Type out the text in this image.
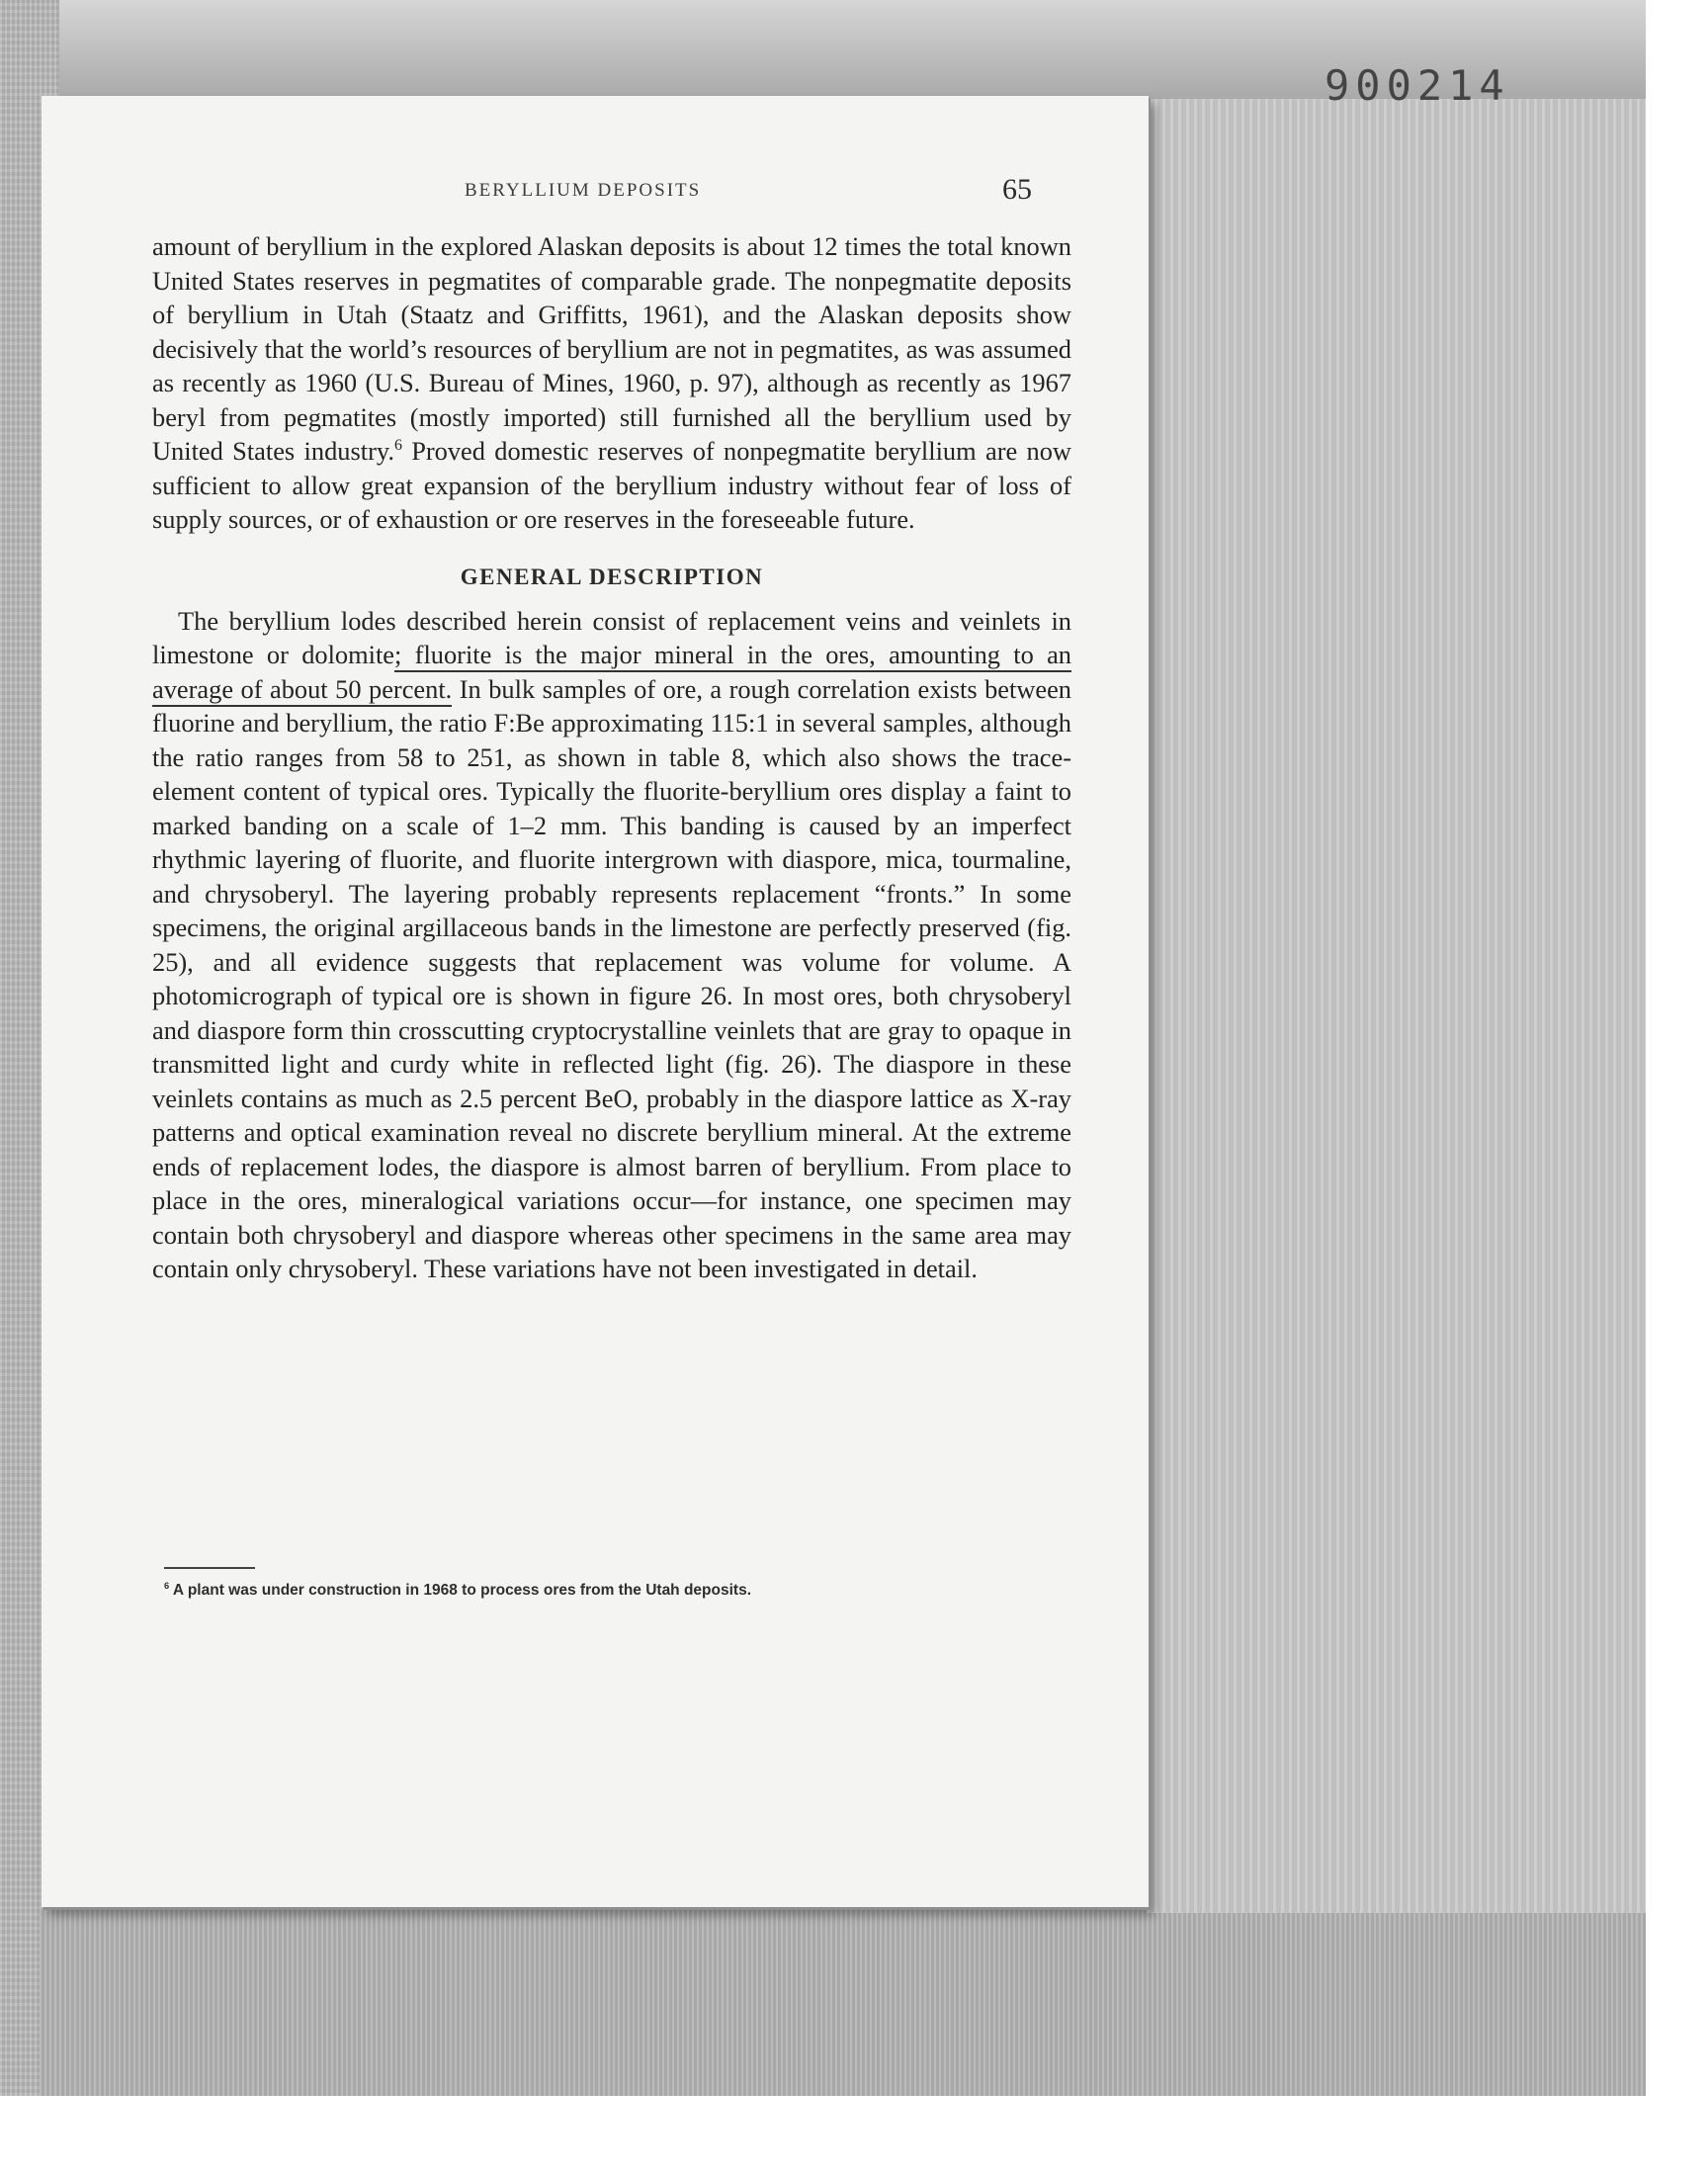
900214
BERYLLIUM DEPOSITS	65

amount of beryllium in the explored Alaskan deposits is about 12 times the total known United States reserves in pegmatites of comparable grade. The nonpegmatite deposits of beryllium in Utah (Staatz and Griffitts, 1961), and the Alaskan deposits show decisively that the world’s resources of beryllium are not in pegmatites, as was assumed as recently as 1960 (U.S. Bureau of Mines, 1960, p. 97), although as recently as 1967 beryl from pegmatites (mostly imported) still furnished all the beryllium used by United States industry.$^6$ Proved domestic reserves of nonpegmatite beryllium are now sufficient to allow great expansion of the beryllium industry without fear of loss of supply sources, or of exhaustion or ore reserves in the foreseeable future.

GENERAL DESCRIPTION

The beryllium lodes described herein consist of replacement veins and veinlets in limestone or dolomite; fluorite is the major mineral in the ores, amounting to an average of about 50 percent. In bulk samples of ore, a rough correlation exists between fluorine and beryllium, the ratio F:Be approximating 115:1 in several samples, although the ratio ranges from 58 to 251, as shown in table 8, which also shows the trace-element content of typical ores. Typically the fluorite-beryllium ores display a faint to marked banding on a scale of 1–2 mm. This banding is caused by an imperfect rhythmic layering of fluorite, and fluorite intergrown with diaspore, mica, tourmaline, and chrysoberyl. The layering probably represents replacement “fronts.” In some specimens, the original argillaceous bands in the limestone are perfectly preserved (fig. 25), and all evidence suggests that replacement was volume for volume. A photomicrograph of typical ore is shown in figure 26. In most ores, both chrysoberyl and diaspore form thin crosscutting cryptocrystalline veinlets that are gray to opaque in transmitted light and curdy white in reflected light (fig. 26). The diaspore in these veinlets contains as much as 2.5 percent BeO, probably in the diaspore lattice as X-ray patterns and optical examination reveal no discrete beryllium mineral. At the extreme ends of replacement lodes, the diaspore is almost barren of beryllium. From place to place in the ores, mineralogical variations occur—for instance, one specimen may contain both chrysoberyl and diaspore whereas other specimens in the same area may contain only chrysoberyl. These variations have not been investigated in detail.

$^6$ A plant was under construction in 1968 to process ores from the Utah deposits.
